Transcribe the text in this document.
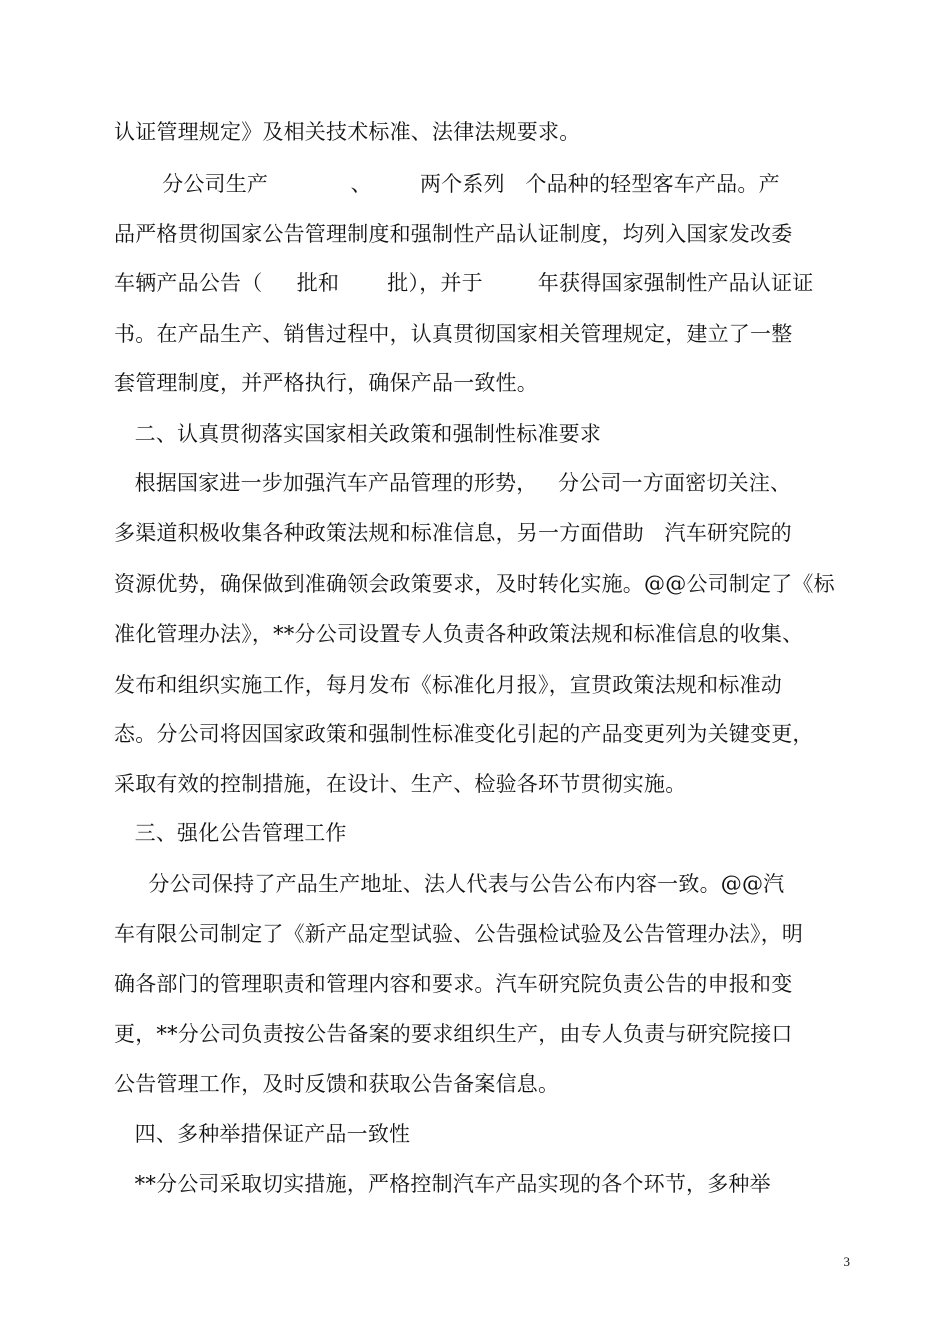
认证管理规定》及相关技术标准、法律法规要求。
分公司生产            、       两个系列   个品种的轻型客车产品。产
品严格贯彻国家公告管理制度和强制性产品认证制度，均列入国家发改委
车辆产品公告（     批和       批），并于        年获得国家强制性产品认证证
书。在产品生产、销售过程中，认真贯彻国家相关管理规定，建立了一整
套管理制度，并严格执行，确保产品一致性。
二、认真贯彻落实国家相关政策和强制性标准要求
根据国家进一步加强汽车产品管理的形势，   分公司一方面密切关注、
多渠道积极收集各种政策法规和标准信息，另一方面借助   汽车研究院的
资源优势，确保做到准确领会政策要求，及时转化实施。@@公司制定了《标
准化管理办法》，**分公司设置专人负责各种政策法规和标准信息的收集、
发布和组织实施工作，每月发布《标准化月报》，宣贯政策法规和标准动
态。分公司将因国家政策和强制性标准变化引起的产品变更列为关键变更，
采取有效的控制措施，在设计、生产、检验各环节贯彻实施。
三、强化公告管理工作
分公司保持了产品生产地址、法人代表与公告公布内容一致。@@汽
车有限公司制定了《新产品定型试验、公告强检试验及公告管理办法》，明
确各部门的管理职责和管理内容和要求。汽车研究院负责公告的申报和变
更，**分公司负责按公告备案的要求组织生产，由专人负责与研究院接口
公告管理工作，及时反馈和获取公告备案信息。
四、多种举措保证产品一致性
**分公司采取切实措施，严格控制汽车产品实现的各个环节，多种举
3
